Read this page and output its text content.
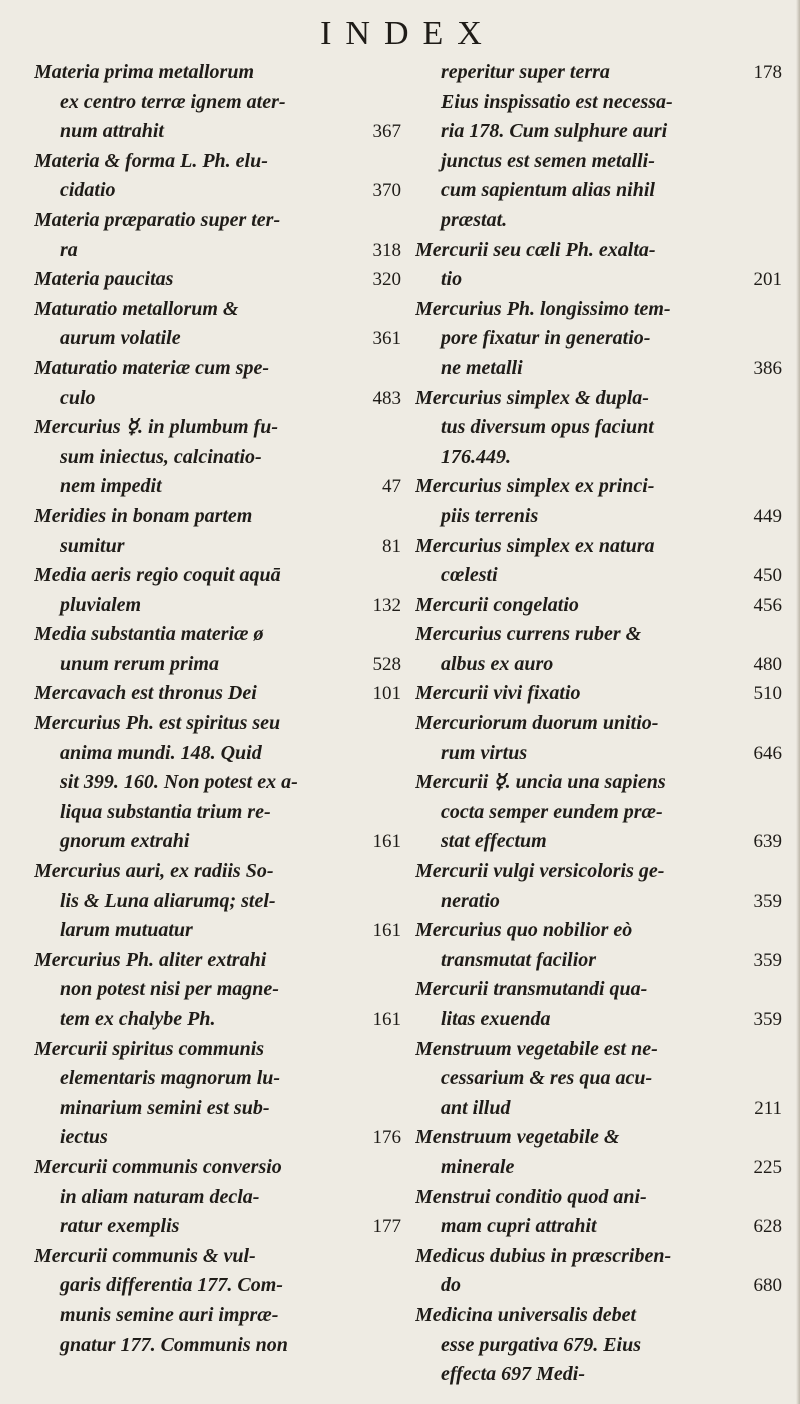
INDEX
Materia prima metallorum
ex centro terræ ignem ater-
num attrahit	367
Materia & forma L. Ph. elu-
cidatio	370
Materia præparatio super ter-
ra	318
Materia paucitas	320
Maturatio metallorum &
aurum volatile	361
Maturatio materiæ cum spe-
culo	483
Mercurius ☿. in plumbum fu-
sum iniectus, calcinatio-
nem impedit	47
Meridies in bonam partem
sumitur	81
Media aeris regio coquit aquā
pluvialem	132
Media substantia materiæ ø
unum rerum prima	528
Mercavach est thronus Dei	101
Mercurius Ph. est spiritus seu
anima mundi. 148. Quid
sit 399. 160. Non potest ex a-
liqua substantia trium re-
gnorum extrahi	161
Mercurius auri, ex radiis So-
lis & Luna aliarumq; stel-
larum mutuatur	161
Mercurius Ph. aliter extrahi
non potest nisi per magne-
tem ex chalybe Ph.	161
Mercurii spiritus communis
elementaris magnorum lu-
minarium semini est sub-
iectus	176
Mercurii communis conversio
in aliam naturam decla-
ratur exemplis	177
Mercurii communis & vul-
garis differentia 177. Com-
munis semine auri impræ-
gnatur 177. Communis non
reperitur super terra	178
Eius inspissatio est necessa-
ria 178. Cum sulphure auri
junctus est semen metalli-
cum sapientum alias nihil
præstat.
Mercurii seu cæli Ph. exalta-
tio	201
Mercurius Ph. longissimo tem-
pore fixatur in generatio-
ne metalli	386
Mercurius simplex & dupla-
tus diversum opus faciunt
176.449.
Mercurius simplex ex princi-
piis terrenis	449
Mercurius simplex ex natura
cœlesti	450
Mercurii congelatio	456
Mercurius currens ruber &
albus ex auro	480
Mercurii vivi fixatio	510
Mercuriorum duorum unitio-
rum virtus	646
Mercurii ☿. uncia una sapiens
cocta semper eundem præ-
stat effectum	639
Mercurii vulgi versicoloris ge-
neratio	359
Mercurius quo nobilior eò
transmutat facilior	359
Mercurii transmutandi qua-
litas exuenda	359
Menstruum vegetabile est ne-
cessarium & res qua acu-
ant illud	211
Menstruum vegetabile &
minerale	225
Menstrui conditio quod ani-
mam cupri attrahit	628
Medicus dubius in præscriben-
do	680
Medicina universalis debet
esse purgativa 679. Eius
effecta 697 Medi-
